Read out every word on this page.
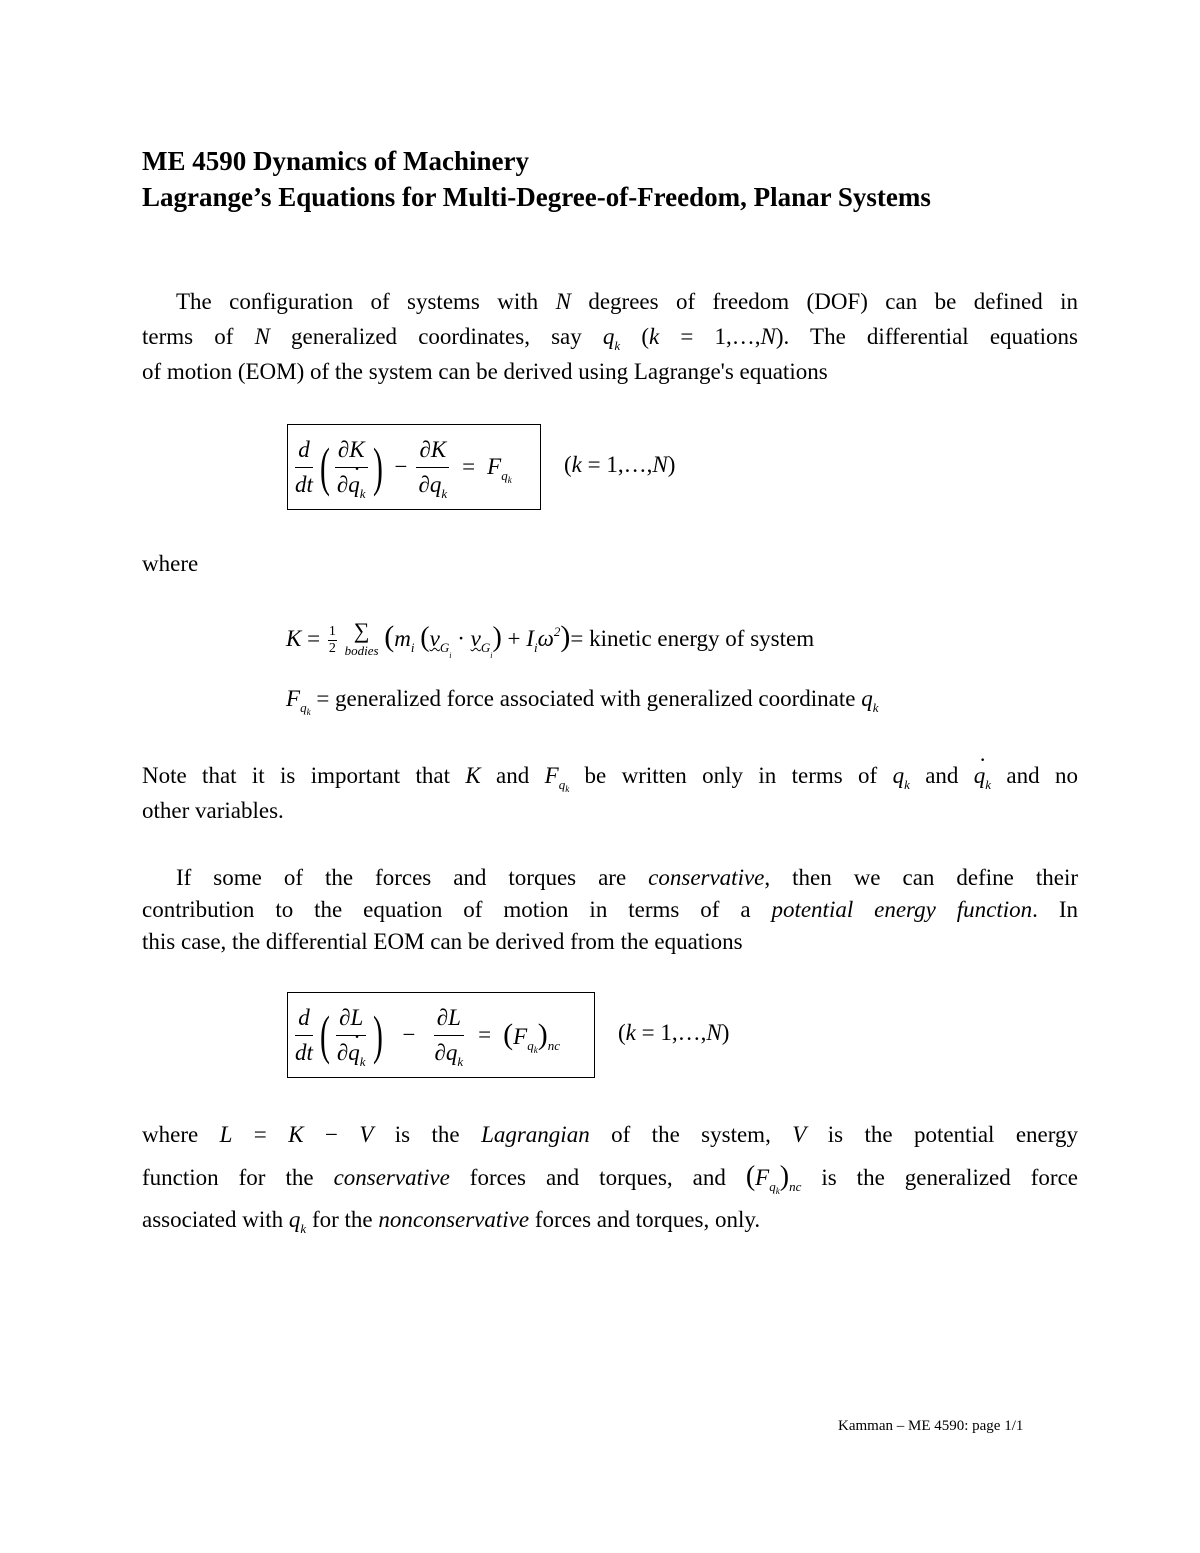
ME 4590 Dynamics of Machinery
Lagrange’s Equations for Multi-Degree-of-Freedom, Planar Systems
The configuration of systems with N degrees of freedom (DOF) can be defined in
terms of N generalized coordinates, say $q_k$ (k = 1,…,N). The differential equations
of motion (EOM) of the system can be derived using Lagrange's equations
$\frac{d}{dt}$ ( $\frac{\partial K}{\partial q \cdot_k}$ ) − $\frac{\partial K}{\partial q_k} = F_{q_k}$
(k = 1,…,N)
where
$K = \frac{1}{2}$
∑
bodies ($m_i$ $(v_{G_i} \cdot v_{G_i}) + I_i\omega^2)=$ kinetic energy of system
$F_{q_k}$ = generalized force associated with generalized coordinate $q_k$
Note that it is important that K and $F_{q_k}$ be written only in terms of $q_k$ and $q \cdot_k$ and no
other variables.
If some of the forces and torques are conservative, then we can define their
contribution to the equation of motion in terms of a potential energy function. In
this case, the differential EOM can be derived from the equations
$\frac{d}{dt}$ ( $\frac{\partial L}{\partial q \cdot_k}$ ) − $\frac{\partial L}{\partial q_k} = (F_{q_k})_{nc}$
(k = 1,…,N)
where L = K − V is the Lagrangian of the system, V is the potential energy
function for the conservative forces and torques, and $(F_{q_k})_{nc}$ is the generalized force
associated with $q_k$ for the nonconservative forces and torques, only.
Kamman – ME 4590: page 1/1
